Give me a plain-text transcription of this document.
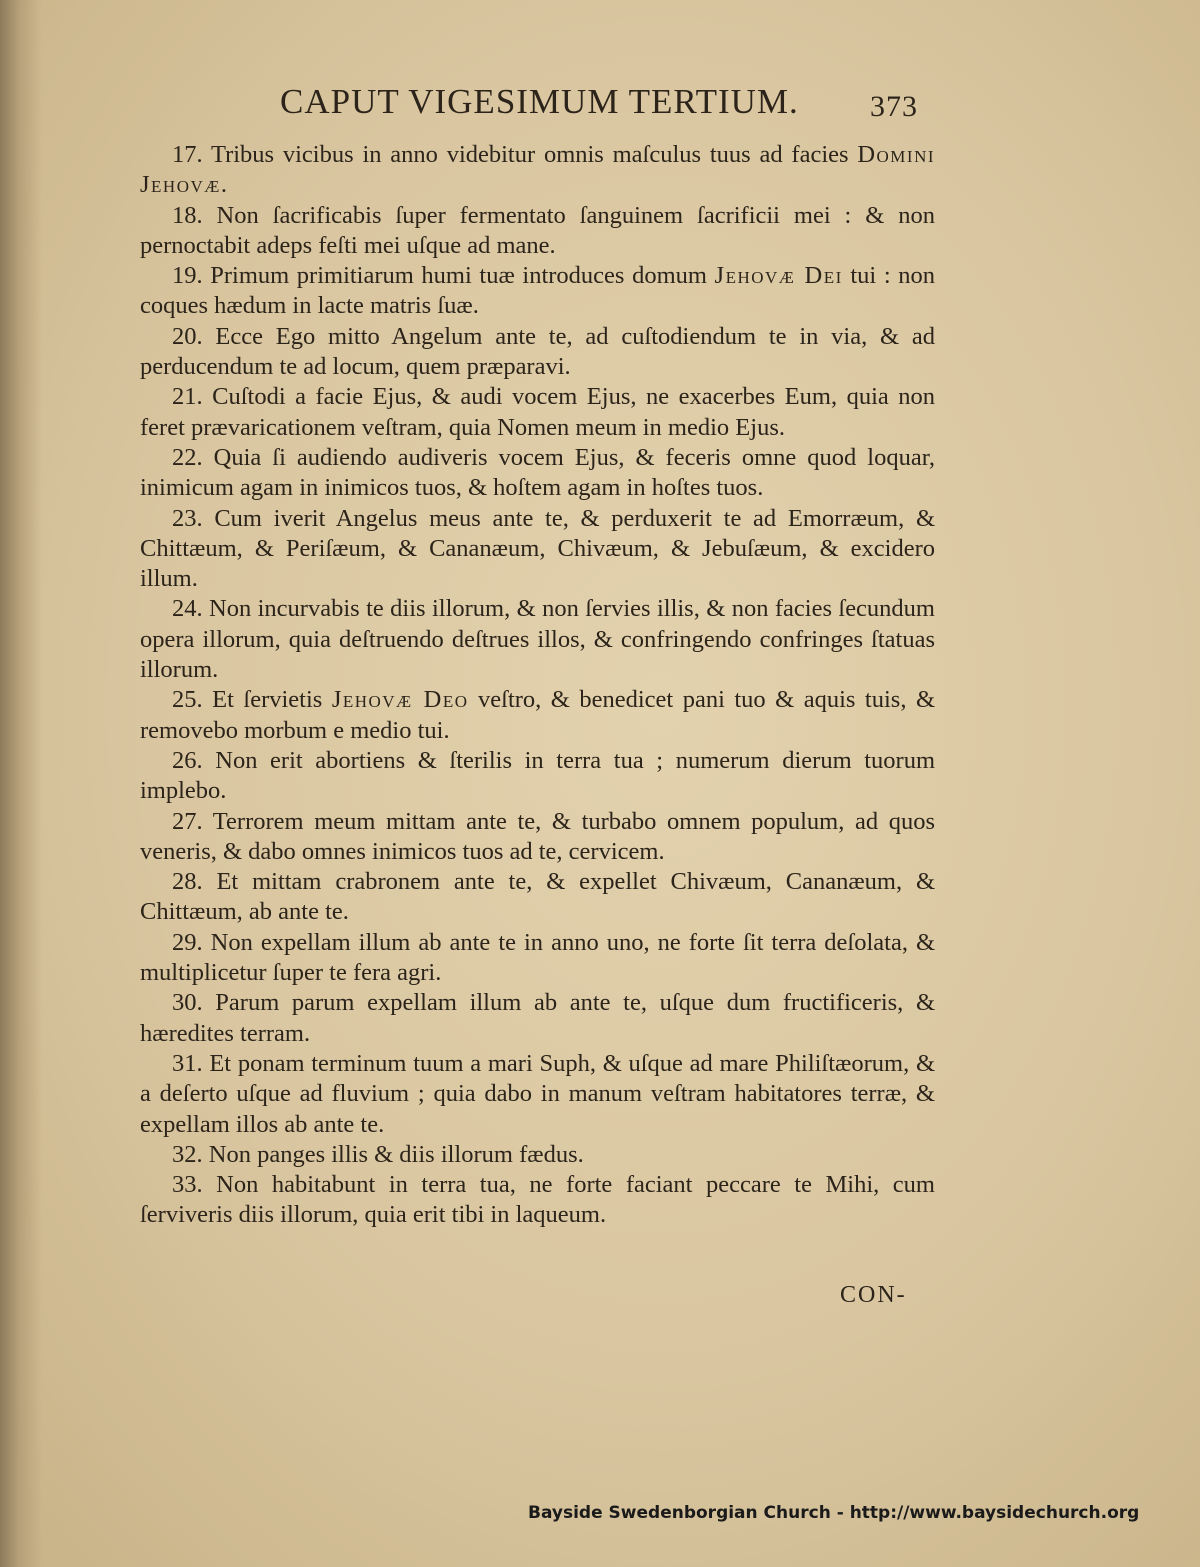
CAPUT VIGESIMUM TERTIUM. 373

17. Tribus vicibus in anno videbitur omnis maſculus tuus ad facies Domini Jehovæ.

18. Non ſacrificabis ſuper fermentato ſanguinem ſacrificii mei : & non pernoctabit adeps feſti mei uſque ad mane.

19. Primum primitiarum humi tuæ introduces domum Jehovæ Dei tui : non coques hædum in lacte matris ſuæ.

20. Ecce Ego mitto Angelum ante te, ad cuſtodiendum te in via, & ad perducendum te ad locum, quem præparavi.

21. Cuſtodi a facie Ejus, & audi vocem Ejus, ne exacerbes Eum, quia non feret prævaricationem veſtram, quia Nomen meum in medio Ejus.

22. Quia ſi audiendo audiveris vocem Ejus, & feceris omne quod loquar, inimicum agam in inimicos tuos, & hoſtem agam in hoſtes tuos.

23. Cum iverit Angelus meus ante te, & perduxerit te ad Emorræum, & Chittæum, & Periſæum, & Cananæum, Chivæum, & Jebuſæum, & excidero illum.

24. Non incurvabis te diis illorum, & non ſervies illis, & non facies ſecundum opera illorum, quia deſtruendo deſtrues illos, & confringendo confringes ſtatuas illorum.

25. Et ſervietis Jehovæ Deo veſtro, & benedicet pani tuo & aquis tuis, & removebo morbum e medio tui.

26. Non erit abortiens & ſterilis in terra tua ; numerum dierum tuorum implebo.

27. Terrorem meum mittam ante te, & turbabo omnem populum, ad quos veneris, & dabo omnes inimicos tuos ad te, cervicem.

28. Et mittam crabronem ante te, & expellet Chivæum, Cananæum, & Chittæum, ab ante te.

29. Non expellam illum ab ante te in anno uno, ne forte ſit terra deſolata, & multiplicetur ſuper te fera agri.

30. Parum parum expellam illum ab ante te, uſque dum fructificeris, & hæredites terram.

31. Et ponam terminum tuum a mari Suph, & uſque ad mare Philiſtæorum, & a deſerto uſque ad fluvium ; quia dabo in manum veſtram habitatores terræ, & expellam illos ab ante te.

32. Non panges illis & diis illorum fædus.

33. Non habitabunt in terra tua, ne forte faciant peccare te Mihi, cum ſerviveris diis illorum, quia erit tibi in laqueum.

CON-
Bayside Swedenborgian Church - http://www.baysidechurch.org
